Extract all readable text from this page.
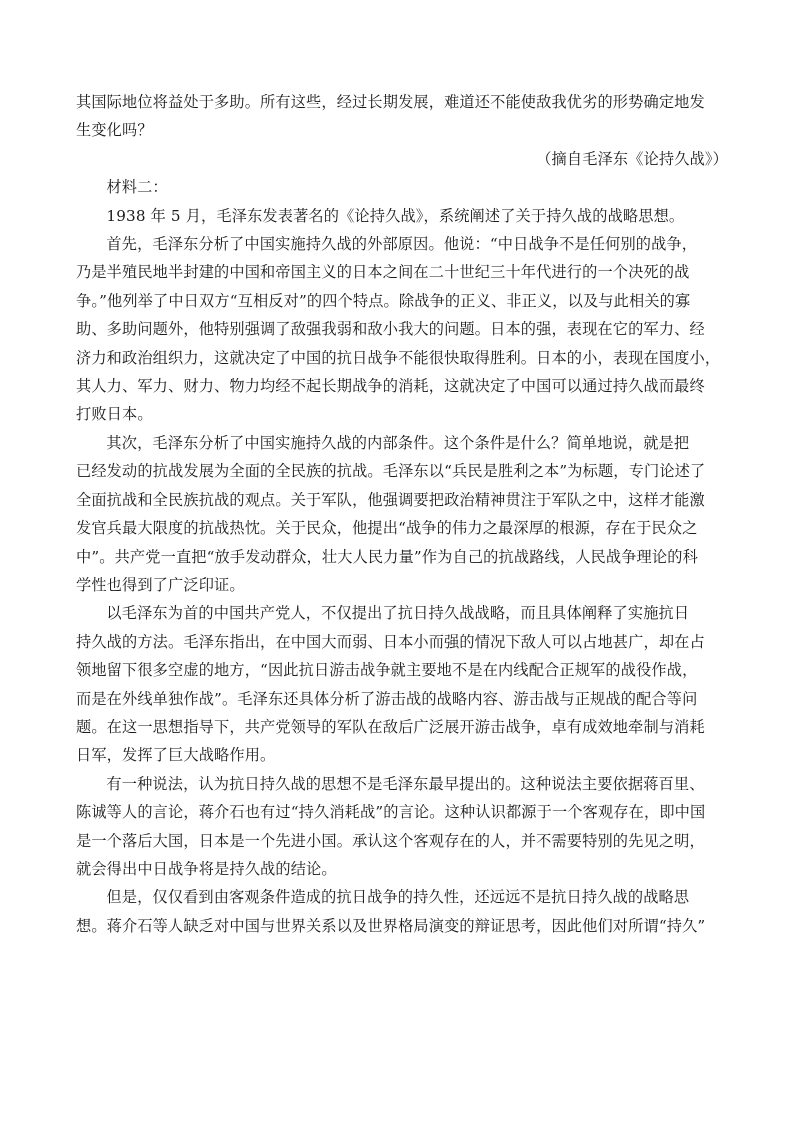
其国际地位将益处于多助。所有这些，经过长期发展，难道还不能使敌我优劣的形势确定地发
生变化吗？

（摘自毛泽东《论持久战》）

材料二：

1938 年 5 月，毛泽东发表著名的《论持久战》，系统阐述了关于持久战的战略思想。

首先，毛泽东分析了中国实施持久战的外部原因。他说：“中日战争不是任何别的战争，
乃是半殖民地半封建的中国和帝国主义的日本之间在二十世纪三十年代进行的一个决死的战
争。”他列举了中日双方“互相反对”的四个特点。除战争的正义、非正义，以及与此相关的寡
助、多助问题外，他特别强调了敌强我弱和敌小我大的问题。日本的强，表现在它的军力、经
济力和政治组织力，这就决定了中国的抗日战争不能很快取得胜利。日本的小，表现在国度小，
其人力、军力、财力、物力均经不起长期战争的消耗，这就决定了中国可以通过持久战而最终
打败日本。

其次，毛泽东分析了中国实施持久战的内部条件。这个条件是什么？简单地说，就是把
已经发动的抗战发展为全面的全民族的抗战。毛泽东以“兵民是胜利之本”为标题，专门论述了
全面抗战和全民族抗战的观点。关于军队，他强调要把政治精神贯注于军队之中，这样才能激
发官兵最大限度的抗战热忱。关于民众，他提出“战争的伟力之最深厚的根源，存在于民众之
中”。共产党一直把“放手发动群众，壮大人民力量”作为自己的抗战路线，人民战争理论的科
学性也得到了广泛印证。

以毛泽东为首的中国共产党人，不仅提出了抗日持久战战略，而且具体阐释了实施抗日
持久战的方法。毛泽东指出，在中国大而弱、日本小而强的情况下敌人可以占地甚广，却在占
领地留下很多空虚的地方，“因此抗日游击战争就主要地不是在内线配合正规军的战役作战，
而是在外线单独作战”。毛泽东还具体分析了游击战的战略内容、游击战与正规战的配合等问
题。在这一思想指导下，共产党领导的军队在敌后广泛展开游击战争，卓有成效地牵制与消耗
日军，发挥了巨大战略作用。

有一种说法，认为抗日持久战的思想不是毛泽东最早提出的。这种说法主要依据蒋百里、
陈诚等人的言论，蒋介石也有过“持久消耗战”的言论。这种认识都源于一个客观存在，即中国
是一个落后大国，日本是一个先进小国。承认这个客观存在的人，并不需要特别的先见之明，
就会得出中日战争将是持久战的结论。

但是，仅仅看到由客观条件造成的抗日战争的持久性，还远远不是抗日持久战的战略思
想。蒋介石等人缺乏对中国与世界关系以及世界格局演变的辩证思考，因此他们对所谓“持久”
